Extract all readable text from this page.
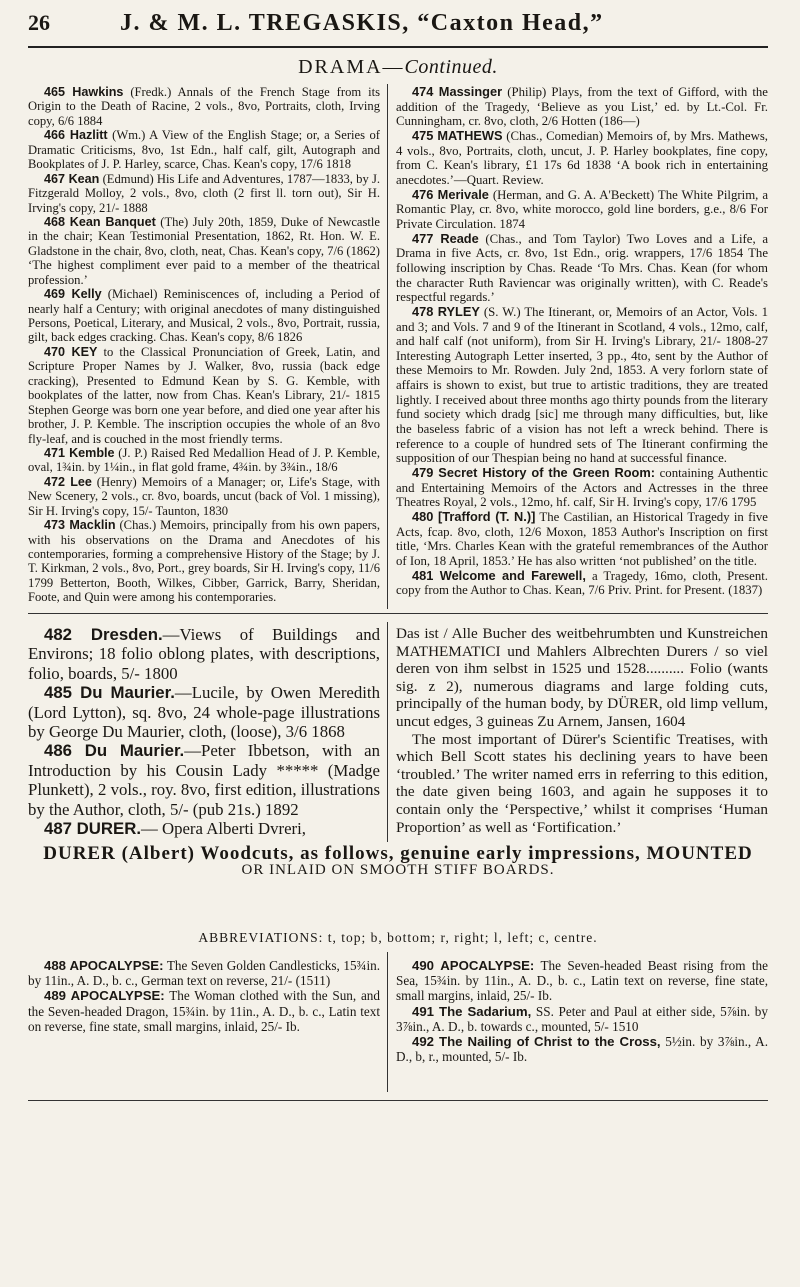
26	J. & M. L. TREGASKIS, “Caxton Head,”
DRAMA—Continued.

465 Hawkins (Fredk.) Annals of the French Stage from its Origin to the Death of Racine, 2 vols., 8vo, Portraits, cloth, Irving copy, 6/6 1884

466 Hazlitt (Wm.) A View of the English Stage; or, a Series of Dramatic Criticisms, 8vo, 1st Edn., half calf, gilt, Autograph and Bookplates of J. P. Harley, scarce, Chas. Kean's copy, 17/6 1818

467 Kean (Edmund) His Life and Adventures, 1787—1833, by J. Fitzgerald Molloy, 2 vols., 8vo, cloth (2 first ll. torn out), Sir H. Irving's copy, 21/- 1888

468 Kean Banquet (The) July 20th, 1859, Duke of Newcastle in the chair; Kean Testimonial Presentation, 1862, Rt. Hon. W. E. Gladstone in the chair, 8vo, cloth, neat, Chas. Kean's copy, 7/6 (1862) ‘The highest compliment ever paid to a member of the theatrical profession.’

469 Kelly (Michael) Reminiscences of, including a Period of nearly half a Century; with original anecdotes of many distinguished Persons, Poetical, Literary, and Musical, 2 vols., 8vo, Portrait, russia, gilt, back edges cracking. Chas. Kean's copy, 8/6 1826

470 KEY to the Classical Pronunciation of Greek, Latin, and Scripture Proper Names by J. Walker, 8vo, russia (back edge cracking), Presented to Edmund Kean by S. G. Kemble, with bookplates of the latter, now from Chas. Kean's Library, 21/- 1815 Stephen George was born one year before, and died one year after his brother, J. P. Kemble. The inscription occupies the whole of an 8vo fly-leaf, and is couched in the most friendly terms.

471 Kemble (J. P.) Raised Red Medallion Head of J. P. Kemble, oval, 1¾in. by 1¼in., in flat gold frame, 4¾in. by 3¾in., 18/6

472 Lee (Henry) Memoirs of a Manager; or, Life's Stage, with New Scenery, 2 vols., cr. 8vo, boards, uncut (back of Vol. 1 missing), Sir H. Irving's copy, 15/- Taunton, 1830

473 Macklin (Chas.) Memoirs, principally from his own papers, with his observations on the Drama and Anecdotes of his contemporaries, forming a comprehensive History of the Stage; by J. T. Kirkman, 2 vols., 8vo, Port., grey boards, Sir H. Irving's copy, 11/6 1799 Betterton, Booth, Wilkes, Cibber, Garrick, Barry, Sheridan, Foote, and Quin were among his contemporaries.

474 Massinger (Philip) Plays, from the text of Gifford, with the addition of the Tragedy, ‘Believe as you List,’ ed. by Lt.-Col. Fr. Cunningham, cr. 8vo, cloth, 2/6 Hotten (186—)

475 MATHEWS (Chas., Comedian) Memoirs of, by Mrs. Mathews, 4 vols., 8vo, Portraits, cloth, uncut, J. P. Harley bookplates, fine copy, from C. Kean's library, £1 17s 6d 1838 ‘A book rich in entertaining anecdotes.’—Quart. Review.

476 Merivale (Herman, and G. A. A'Beckett) The White Pilgrim, a Romantic Play, cr. 8vo, white morocco, gold line borders, g.e., 8/6 For Private Circulation. 1874

477 Reade (Chas., and Tom Taylor) Two Loves and a Life, a Drama in five Acts, cr. 8vo, 1st Edn., orig. wrappers, 17/6 1854 The following inscription by Chas. Reade ‘To Mrs. Chas. Kean (for whom the character Ruth Raviencar was originally written), with C. Reade's respectful regards.’

478 RYLEY (S. W.) The Itinerant, or, Memoirs of an Actor, Vols. 1 and 3; and Vols. 7 and 9 of the Itinerant in Scotland, 4 vols., 12mo, calf, and half calf (not uniform), from Sir H. Irving's Library, 21/- 1808-27 Interesting Autograph Letter inserted, 3 pp., 4to, sent by the Author of these Memoirs to Mr. Rowden. July 2nd, 1853. A very forlorn state of affairs is shown to exist, but true to artistic traditions, they are treated lightly. I received about three months ago thirty pounds from the literary fund society which dradg [sic] me through many difficulties, but, like the baseless fabric of a vision has not left a wreck behind. There is reference to a couple of hundred sets of The Itinerant confirming the supposition of our Thespian being no hand at successful finance.

479 Secret History of the Green Room: containing Authentic and Entertaining Memoirs of the Actors and Actresses in the three Theatres Royal, 2 vols., 12mo, hf. calf, Sir H. Irving's copy, 17/6 1795

480 [Trafford (T. N.)] The Castilian, an Historical Tragedy in five Acts, fcap. 8vo, cloth, 12/6 Moxon, 1853 Author's Inscription on first title, ‘Mrs. Charles Kean with the grateful remembrances of the Author of Ion, 18 April, 1853.’ He has also written ‘not published’ on the title.

481 Welcome and Farewell, a Tragedy, 16mo, cloth, Present. copy from the Author to Chas. Kean, 7/6 Priv. Print. for Present. (1837)

482 Dresden.—Views of Buildings and Environs; 18 folio oblong plates, with descriptions, folio, boards, 5/- 1800

485 Du Maurier.—Lucile, by Owen Meredith (Lord Lytton), sq. 8vo, 24 whole-page illustrations by George Du Maurier, cloth, (loose), 3/6 1868

486 Du Maurier.—Peter Ibbetson, with an Introduction by his Cousin Lady ***** (Madge Plunkett), 2 vols., roy. 8vo, first edition, illustrations by the Author, cloth, 5/- (pub 21s.) 1892

487 DURER.— Opera Alberti Dvreri,

Das ist / Alle Bucher des weitbehrumbten und Kunstreichen MATHEMATICI und Mahlers Albrechten Durers / so viel deren von ihm selbst in 1525 und 1528.......... Folio (wants sig. z 2), numerous diagrams and large folding cuts, principally of the human body, by DÜRER, old limp vellum, uncut edges, 3 guineas Zu Arnem, Jansen, 1604

The most important of Dürer's Scientific Treatises, with which Bell Scott states his declining years to have been ‘troubled.’ The writer named errs in referring to this edition, the date given being 1603, and again he supposes it to contain only the ‘Perspective,’ whilst it comprises ‘Human Proportion’ as well as ‘Fortification.’

DURER (Albert) Woodcuts, as follows, genuine early impressions, MOUNTED
OR INLAID ON SMOOTH STIFF BOARDS.
ABBREVIATIONS: t, top; b, bottom; r, right; l, left; c, centre.

488 APOCALYPSE: The Seven Golden Candlesticks, 15¾in. by 11in., A. D., b. c., German text on reverse, 21/- (1511)

489 APOCALYPSE: The Woman clothed with the Sun, and the Seven-headed Dragon, 15¾in. by 11in., A. D., b. c., Latin text on reverse, fine state, small margins, inlaid, 25/- Ib.

490 APOCALYPSE: The Seven-headed Beast rising from the Sea, 15¾in. by 11in., A. D., b. c., Latin text on reverse, fine state, small margins, inlaid, 25/- Ib.

491 The Sadarium, SS. Peter and Paul at either side, 5⅞in. by 3⅞in., A. D., b. towards c., mounted, 5/- 1510

492 The Nailing of Christ to the Cross, 5½in. by 3⅞in., A. D., b, r., mounted, 5/- Ib.
